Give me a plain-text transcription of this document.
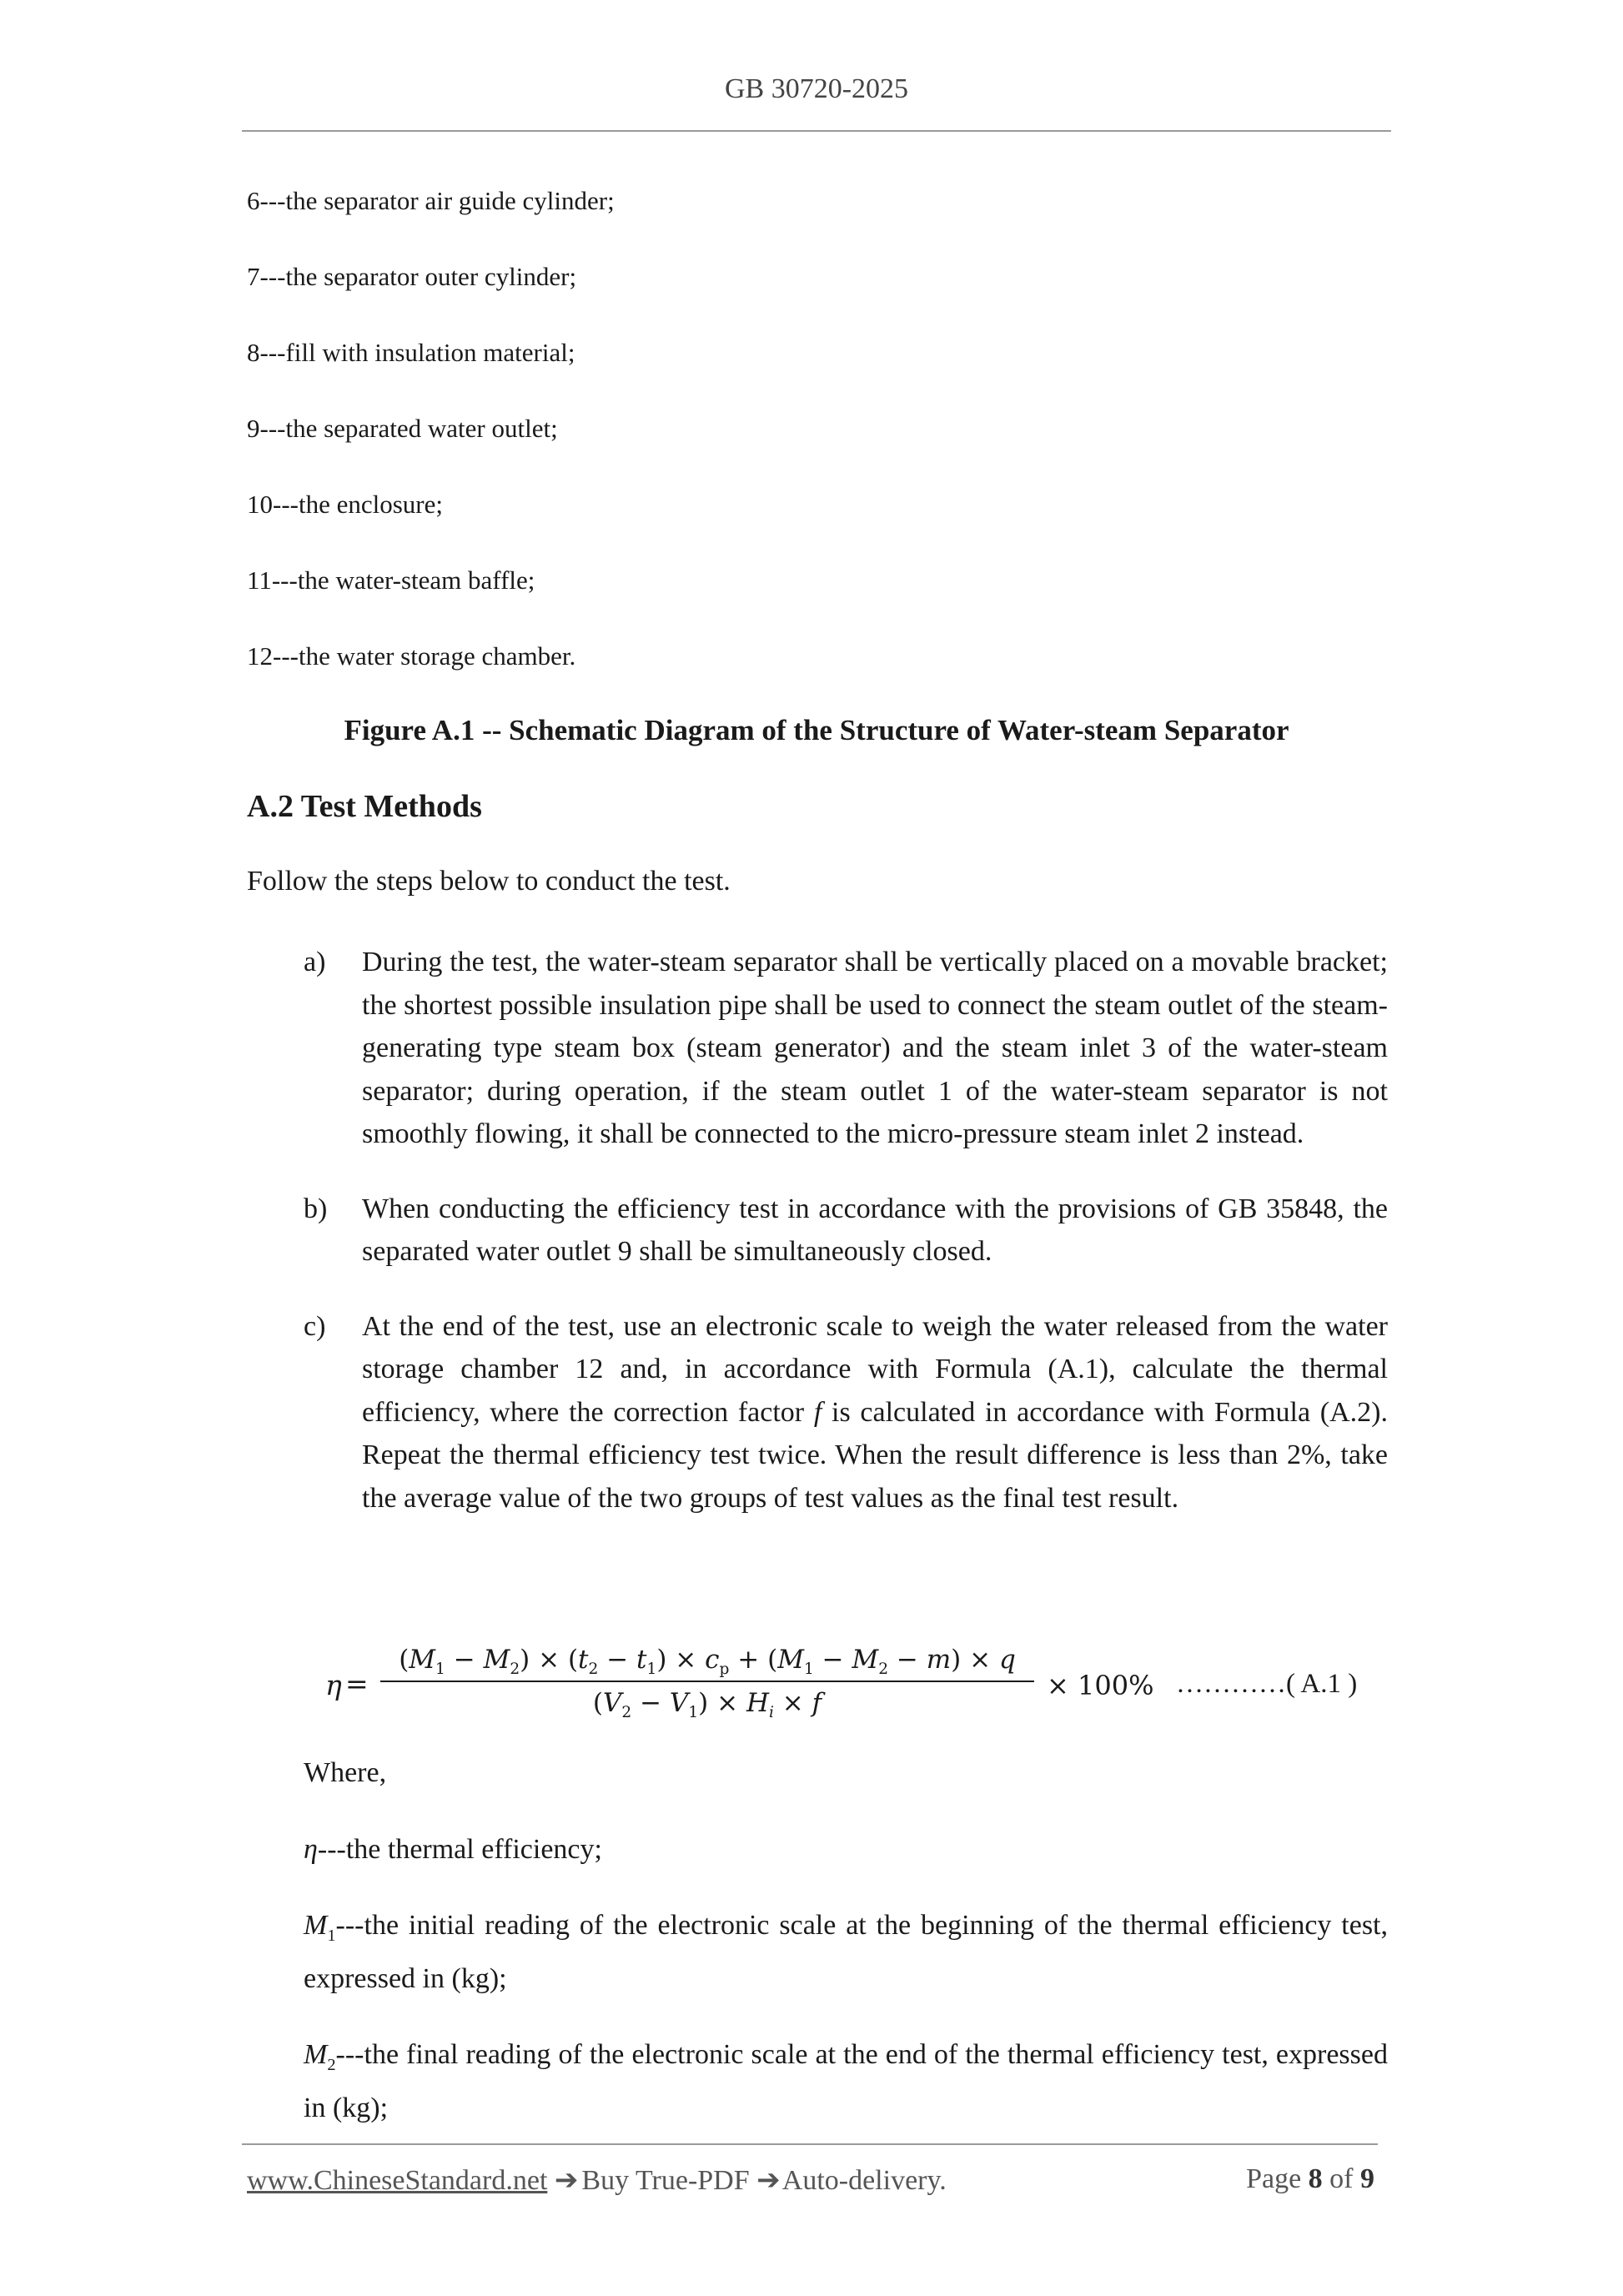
GB 30720-2025
6---the separator air guide cylinder;
7---the separator outer cylinder;
8---fill with insulation material;
9---the separated water outlet;
10---the enclosure;
11---the water-steam baffle;
12---the water storage chamber.
Figure A.1 -- Schematic Diagram of the Structure of Water-steam Separator
A.2 Test Methods

Follow the steps below to conduct the test.

a)	During the test, the water-steam separator shall be vertically placed on a movable bracket; the shortest possible insulation pipe shall be used to connect the steam outlet of the steam-generating type steam box (steam generator) and the steam inlet 3 of the water-steam separator; during operation, if the steam outlet 1 of the water-steam separator is not smoothly flowing, it shall be connected to the micro-pressure steam inlet 2 instead.
b)	When conducting the efficiency test in accordance with the provisions of GB 35848, the separated water outlet 9 shall be simultaneously closed.
c)	At the end of the test, use an electronic scale to weigh the water released from the water storage chamber 12 and, in accordance with Formula (A.1), calculate the thermal efficiency, where the correction factor f is calculated in accordance with Formula (A.2). Repeat the thermal efficiency test twice. When the result difference is less than 2%, take the average value of the two groups of test values as the final test result.
η =
$(M_1 - M_2) \times (t_2 - t_1) \times c_p + (M_1 - M_2 - m) \times q$
$(V_2 - V_1) \times H_i \times f$
× 100% …………( A.1 )

Where,

η---the thermal efficiency;

$M_1--$-the initial reading of the electronic scale at the beginning of the thermal efficiency test, expressed in (kg);

$M_2--$-the final reading of the electronic scale at the end of the thermal efficiency test, expressed in (kg);

www.ChineseStandard.net ➔ Buy True-PDF ➔ Auto-delivery.	Page 8 of 9
